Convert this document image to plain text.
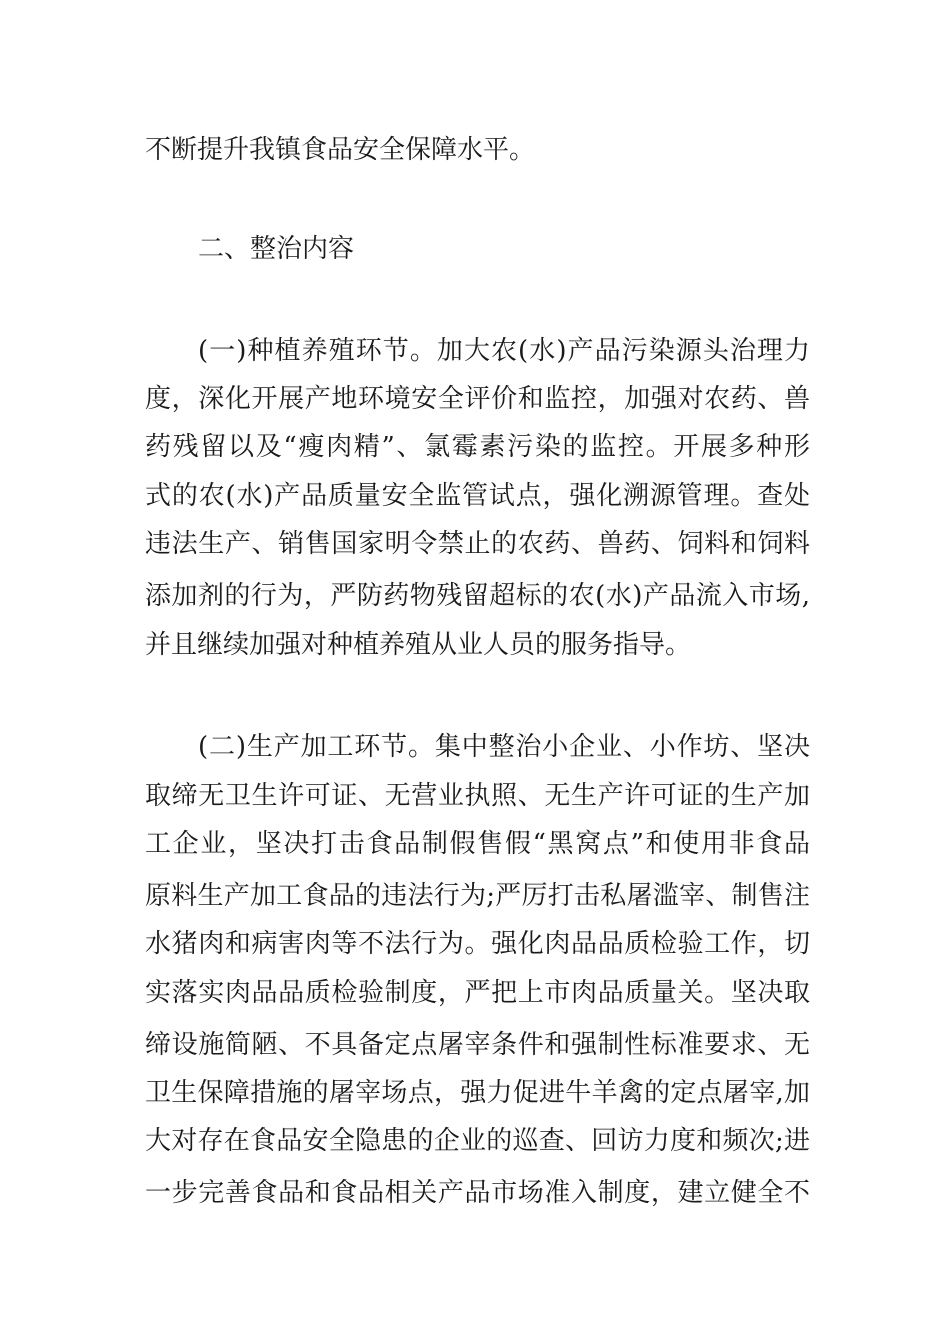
不断提升我镇食品安全保障水平。

二、整治内容

(一)种植养殖环节。加大农(水)产品污染源头治理力

度，深化开展产地环境安全评价和监控，加强对农药、兽

药残留以及“瘦肉精”、氯霉素污染的监控。开展多种形

式的农(水)产品质量安全监管试点，强化溯源管理。查处

违法生产、销售国家明令禁止的农药、兽药、饲料和饲料

添加剂的行为，严防药物残留超标的农(水)产品流入市场,

并且继续加强对种植养殖从业人员的服务指导。

(二)生产加工环节。集中整治小企业、小作坊、坚决

取缔无卫生许可证、无营业执照、无生产许可证的生产加

工企业，坚决打击食品制假售假“黑窝点”和使用非食品

原料生产加工食品的违法行为;严厉打击私屠滥宰、制售注

水猪肉和病害肉等不法行为。强化肉品品质检验工作，切

实落实肉品品质检验制度，严把上市肉品质量关。坚决取

缔设施简陋、不具备定点屠宰条件和强制性标准要求、无

卫生保障措施的屠宰场点，强力促进牛羊禽的定点屠宰,加

大对存在食品安全隐患的企业的巡查、回访力度和频次;进

一步完善食品和食品相关产品市场准入制度，建立健全不
